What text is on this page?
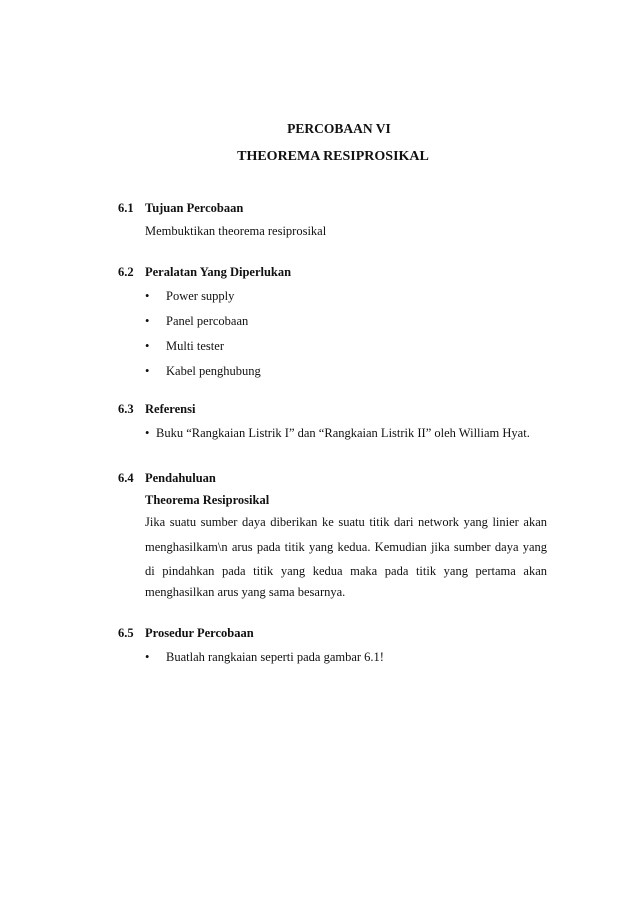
PERCOBAAN VI
THEOREMA RESIPROSIKAL
6.1 Tujuan Percobaan
Membuktikan theorema resiprosikal
6.2 Peralatan Yang Diperlukan
• Power supply
• Panel percobaan
• Multi tester
• Kabel penghubung
6.3 Referensi
• Buku “Rangkaian Listrik I” dan “Rangkaian Listrik II” oleh William Hyat.
6.4 Pendahuluan
Theorema Resiprosikal
Jika suatu sumber daya diberikan ke suatu titik dari network yang linier akan
menghasilkam\n arus pada titik yang kedua. Kemudian jika sumber daya yang
di pindahkan pada titik yang kedua maka pada titik yang pertama akan
menghasilkan arus yang sama besarnya.
6.5 Prosedur Percobaan
• Buatlah rangkaian seperti pada gambar 6.1!
